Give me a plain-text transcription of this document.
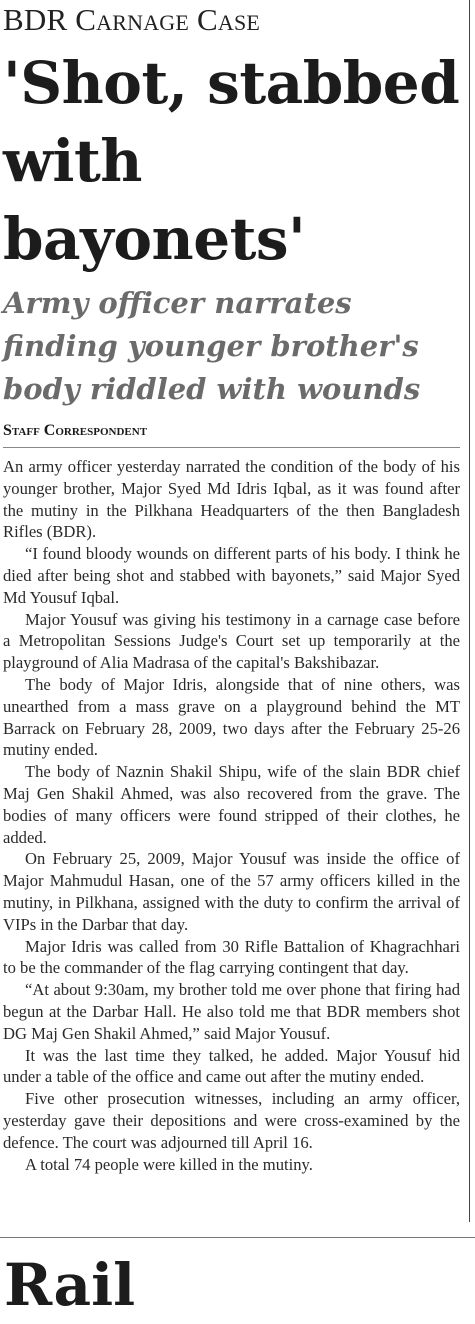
BDR Carnage Case
'Shot, stabbed with bayonets'
Army officer narrates finding younger brother's body riddled with wounds
Staff Correspondent

An army officer yesterday narrated the condition of the body of his younger brother, Major Syed Md Idris Iqbal, as it was found after the mutiny in the Pilkhana Headquarters of the then Bangladesh Rifles (BDR).

“I found bloody wounds on different parts of his body. I think he died after being shot and stabbed with bayonets,” said Major Syed Md Yousuf Iqbal.

Major Yousuf was giving his testimony in a carnage case before a Metropolitan Sessions Judge's Court set up temporarily at the playground of Alia Madrasa of the capital's Bakshibazar.

The body of Major Idris, alongside that of nine others, was unearthed from a mass grave on a playground behind the MT Barrack on February 28, 2009, two days after the February 25-26 mutiny ended.

The body of Naznin Shakil Shipu, wife of the slain BDR chief Maj Gen Shakil Ahmed, was also recovered from the grave. The bodies of many officers were found stripped of their clothes, he added.

On February 25, 2009, Major Yousuf was inside the office of Major Mahmudul Hasan, one of the 57 army officers killed in the mutiny, in Pilkhana, assigned with the duty to confirm the arrival of VIPs in the Darbar that day.

Major Idris was called from 30 Rifle Battalion of Khagrachhari to be the commander of the flag carrying contingent that day.

“At about 9:30am, my brother told me over phone that firing had begun at the Darbar Hall. He also told me that BDR members shot DG Maj Gen Shakil Ahmed,” said Major Yousuf.

It was the last time they talked, he added. Major Yousuf hid under a table of the office and came out after the mutiny ended.

Five other prosecution witnesses, including an army officer, yesterday gave their depositions and were cross-examined by the defence. The court was adjourned till April 16.

A total 74 people were killed in the mutiny.

Rail
